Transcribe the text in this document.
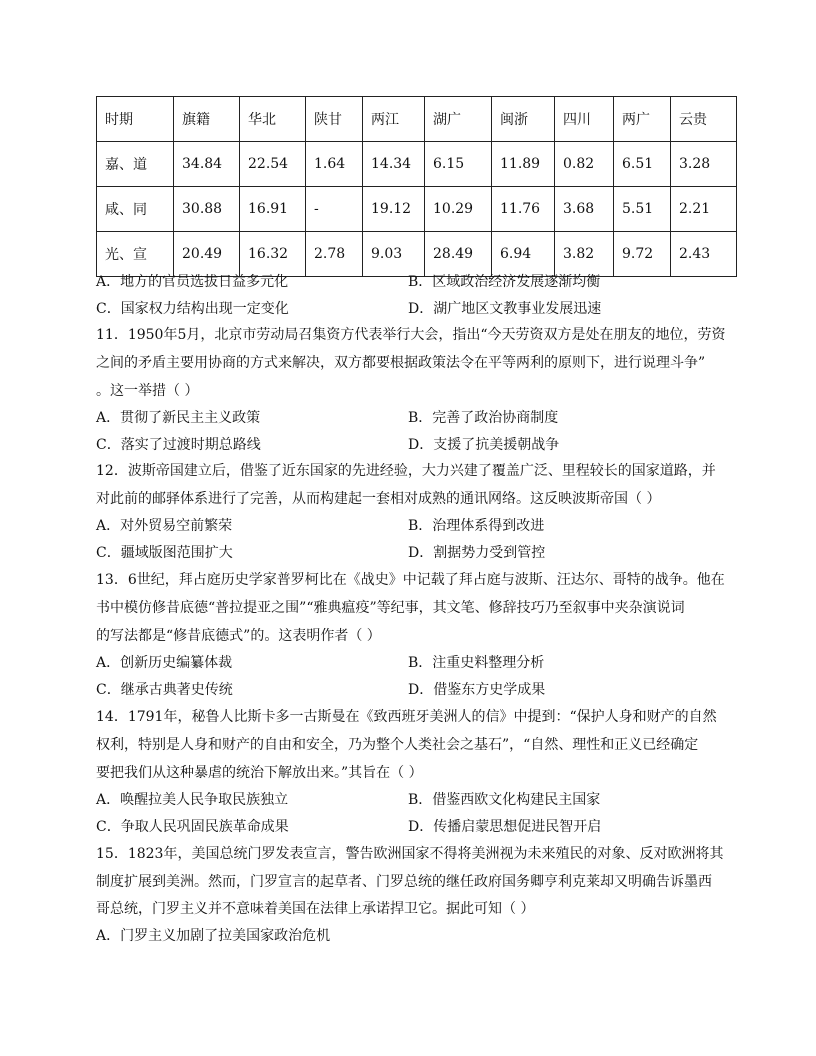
时期	旗籍	华北	陕甘	两江	湖广	闽浙	四川	两广	云贵
嘉、道	34.84	22.54	1.64	14.34	6.15	11.89	0.82	6.51	3.28
咸、同	30.88	16.91	-	19.12	10.29	11.76	3.68	5.51	2.21
光、宣	20.49	16.32	2.78	9.03	28.49	6.94	3.82	9.72	2.43
A．地方的官员选拔日益多元化	B．区域政治经济发展逐渐均衡
C．国家权力结构出现一定变化	D．湖广地区文教事业发展迅速
11．1950年5月，北京市劳动局召集资方代表举行大会，指出“今天劳资双方是处在朋友的地位，劳资
之间的矛盾主要用协商的方式来解决，双方都要根据政策法令在平等两利的原则下，进行说理斗争”
。这一举措（ ）
A．贯彻了新民主主义政策	B．完善了政治协商制度
C．落实了过渡时期总路线	D．支援了抗美援朝战争
12．波斯帝国建立后，借鉴了近东国家的先进经验，大力兴建了覆盖广泛、里程较长的国家道路，并
对此前的邮驿体系进行了完善，从而构建起一套相对成熟的通讯网络。这反映波斯帝国（ ）
A．对外贸易空前繁荣	B．治理体系得到改进
C．疆域版图范围扩大	D．割据势力受到管控
13．6世纪，拜占庭历史学家普罗柯比在《战史》中记载了拜占庭与波斯、汪达尔、哥特的战争。他在
书中模仿修昔底德“普拉提亚之围”“雅典瘟疫”等纪事，其文笔、修辞技巧乃至叙事中夹杂演说词
的写法都是“修昔底德式”的。这表明作者（ ）
A．创新历史编纂体裁	B．注重史料整理分析
C．继承古典著史传统	D．借鉴东方史学成果
14．1791年，秘鲁人比斯卡多一古斯曼在《致西班牙美洲人的信》中提到：“保护人身和财产的自然
权利，特别是人身和财产的自由和安全，乃为整个人类社会之基石”，“自然、理性和正义已经确定
要把我们从这种暴虐的统治下解放出来。”其旨在（ ）
A．唤醒拉美人民争取民族独立	B．借鉴西欧文化构建民主国家
C．争取人民巩固民族革命成果	D．传播启蒙思想促进民智开启
15．1823年，美国总统门罗发表宣言，警告欧洲国家不得将美洲视为未来殖民的对象、反对欧洲将其
制度扩展到美洲。然而，门罗宣言的起草者、门罗总统的继任政府国务卿亨利克莱却又明确告诉墨西
哥总统，门罗主义并不意味着美国在法律上承诺捍卫它。据此可知（ ）
A．门罗主义加剧了拉美国家政治危机
